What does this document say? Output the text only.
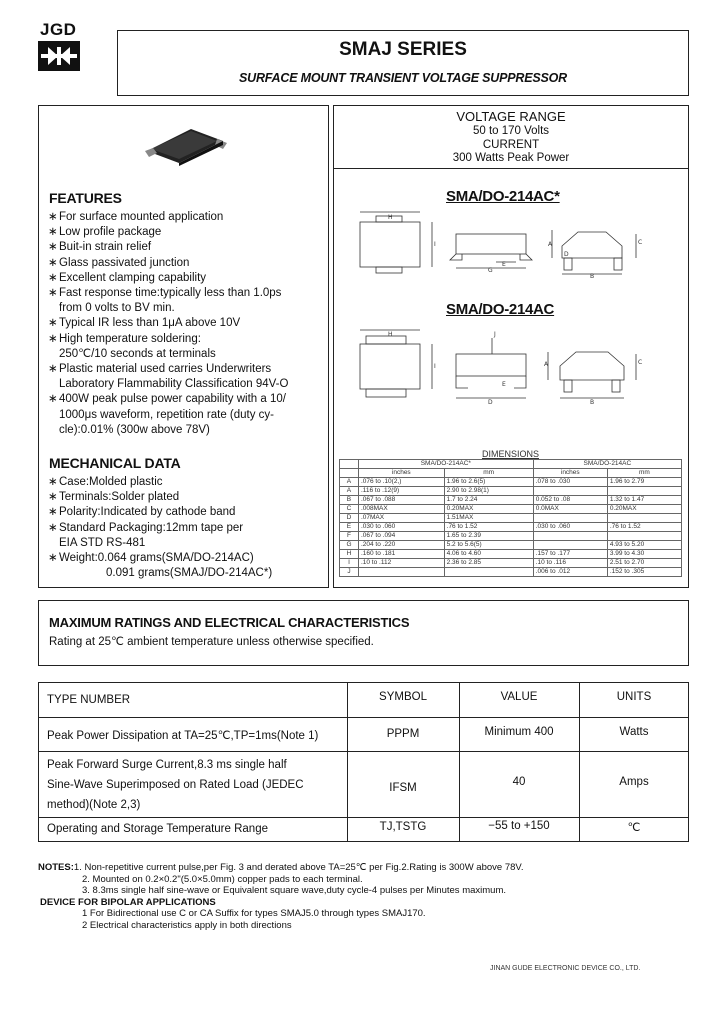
JGD
SMAJ SERIES
SURFACE MOUNT TRANSIENT VOLTAGE SUPPRESSOR
FEATURES
∗For surface mounted application
∗Low profile package
∗Buit-in strain relief
∗Glass passivated junction
∗Excellent clamping capability
∗Fast response time:typically less than 1.0ps
from 0 volts to BV min.
∗Typical IR less than 1μA above 10V
∗High temperature soldering:
250℃/10 seconds at terminals
∗Plastic material used carries Underwriters
Laboratory Flammability Classification 94V-O
∗400W peak pulse power capability with a 10/
1000μs waveform, repetition rate (duty cy-
cle):0.01% (300w above 78V)
MECHANICAL DATA
∗Case:Molded plastic
∗Terminals:Solder plated
∗Polarity:Indicated by cathode band
∗Standard Packaging:12mm tape per
EIA STD RS-481
∗Weight:0.064 grams(SMA/DO-214AC)
0.091 grams(SMAJ/DO-214AC*)
VOLTAGE RANGE
50 to 170 Volts
CURRENT
300 Watts Peak Power
SMA/DO-214AC*
H
I
G
E
A	C
B
D
SMA/DO-214AC
H
I
D
J
A	C
B
E
DIMENSIONS
	SMA/DO-214AC*		SMA/DO-214AC	
	inches	mm	inches	mm
A	.076 to .10(2,)	1.96 to 2.6(5)	.078 to .030	1.96 to 2.79
A	.116 to .12(9)	2.90 to 2.98(1)		
B	.067 to .088	1.7 to 2.24	0.052 to .08	1.32 to 1.47
C	.008MAX	0.20MAX	0.0MAX	0.20MAX
D	.07MAX	1.51MAX		
E	.030 to .060	.76 to 1.52	.030 to .060	.76 to 1.52
F	.067 to .094	1.65 to 2.39		
G	.204 to .220	5.2 to 5.6(5)		4.93 to 5.20
H	.160 to .181	4.06 to 4.60	.157 to .177	3.99 to 4.30
I	.10 to .112	2.36 to 2.85	.10 to .116	2.51 to 2.70
J			.006 to .012	.152 to .305
MAXIMUM RATINGS AND ELECTRICAL CHARACTERISTICS
Rating at 25℃ ambient temperature unless otherwise specified.
TYPE NUMBER	SYMBOL	VALUE	UNITS
Peak Power Dissipation at TA=25℃,TP=1ms(Note 1)	PPPM	Minimum 400	Watts
Peak Forward Surge Current,8.3 ms single half
Sine-Wave Superimposed on Rated Load (JEDEC
method)(Note 2,3)
IFSM	40	Amps
Operating and Storage Temperature Range	TJ,TSTG	−55 to +150	℃
NOTES:1. Non-repetitive current pulse,per Fig. 3 and derated above TA=25℃ per Fig.2.Rating is 300W above 78V.
2. Mounted on 0.2×0.2"(5.0×5.0mm) copper pads to each terminal.
3. 8.3ms single half sine-wave or Equivalent square wave,duty cycle-4 pulses per Minutes maximum.
DEVICE FOR BIPOLAR APPLICATIONS
1 For Bidirectional use C or CA Suffix for types SMAJ5.0 through types SMAJ170.
2 Electrical characteristics apply in both directions
JINAN GUDE ELECTRONIC DEVICE CO., LTD.
